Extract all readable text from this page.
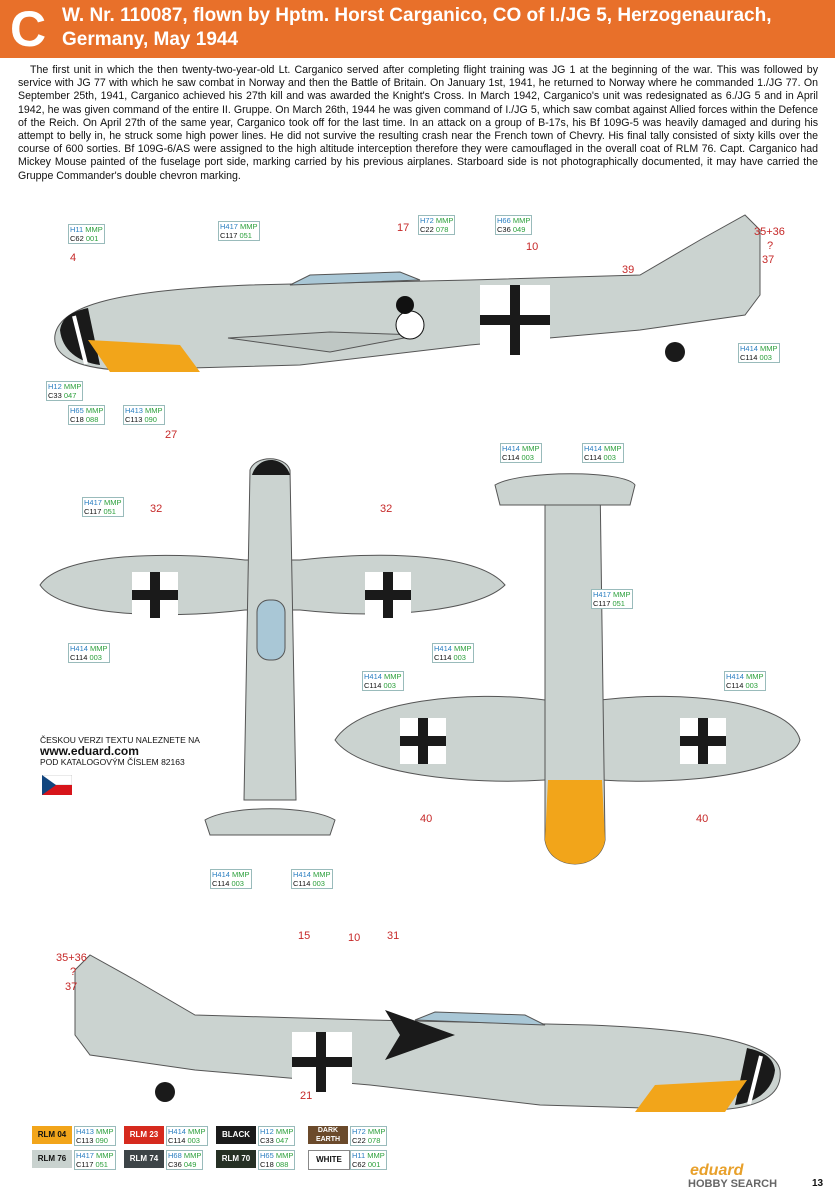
C W. Nr. 110087, flown by Hptm. Horst Carganico, CO of I./JG 5, Herzogenaurach, Germany, May 1944

The first unit in which the then twenty-two-year-old Lt. Carganico served after completing flight training was JG 1 at the beginning of the war. This was followed by service with JG 77 with which he saw combat in Norway and then the Battle of Britain. On January 1st, 1941, he returned to Norway where he commanded 1./JG 77. On September 25th, 1941, Carganico achieved his 27th kill and was awarded the Knight's Cross. In March 1942, Carganico's unit was redesignated as 6./JG 5 and in April 1942, he was given command of the entire II. Gruppe. On March 26th, 1944 he was given command of I./JG 5, which saw combat against Allied forces within the Defence of the Reich. On April 27th of the same year, Carganico took off for the last time. In an attack on a group of B-17s, his Bf 109G-5 was heavily damaged and during his attempt to belly in, he struck some high power lines. He did not survive the resulting crash near the French town of Chevry. His final tally consisted of sixty kills over the course of 600 sorties. Bf 109G-6/AS were assigned to the high altitude interception therefore they were camouflaged in the overall coat of RLM 76. Capt. Carganico had Mickey Mouse painted of the fuselage port side, marking carried by his previous airplanes. Starboard side is not photographically documented, it may have carried the Gruppe Commander's double chevron marking.

H11 MMP
C62 001
H417 MMP
C117 051
H72 MMP
C22 078
H66 MMP
C36 049
H12 MMP
C33 047
H65 MMP
C18 088
H413 MMP
C113 090
H414 MMP
C114 003
H414 MMP
C114 003
H414 MMP
C114 003
H417 MMP
C117 051
H414 MMP
C114 003
H414 MMP
C114 003
H417 MMP
C117 051
H414 MMP
C114 003
H414 MMP
C114 003
H414 MMP
C114 003
H414 MMP
C114 003
4
17
10
35+36
?
37
39
27
32	32
40	40
35+36
?
37
15	10 31
21
ČESKOU VERZI TEXTU NALEZNETE NA
www.eduard.com
POD KATALOGOVÝM ČÍSLEM 82163
RLM 04	H413 MMP
C113 090
RLM 23	H414 MMP
C114 003
BLACK	H12 MMP
C33 047
DARK EARTH
H72 MMP
C22 078
RLM 76	H417 MMP
C117 051
RLM 74	H68 MMP
C36 049
RLM 70	H65 MMP
C18 088
WHITE	H11 MMP
C62 001	eduard
HOBBY SEARCH	13
